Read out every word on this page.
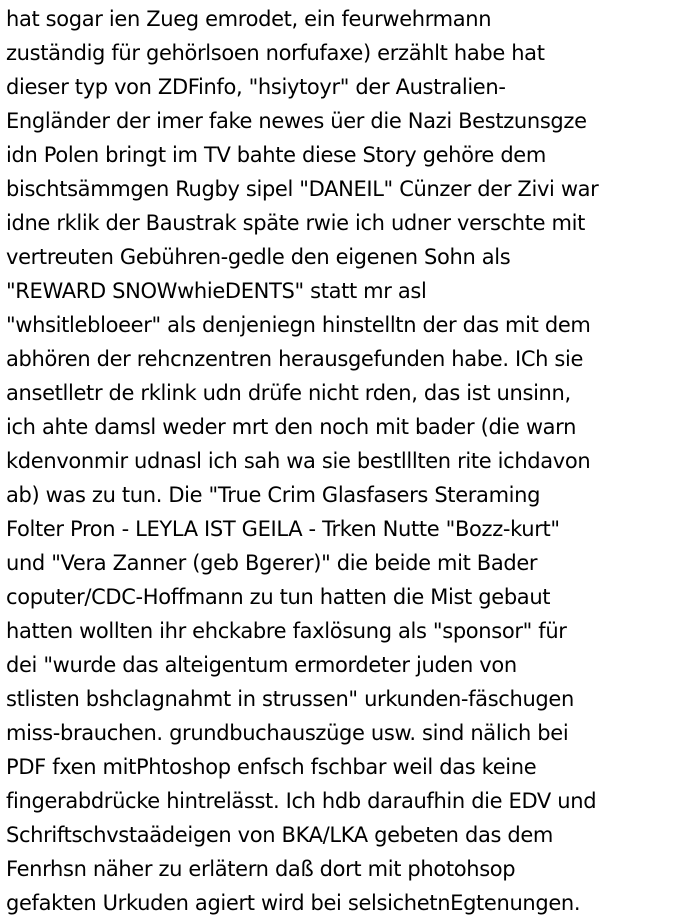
hat sogar ien Zueg emrodet, ein feurwehrmann
zuständig für gehörlsoen norfufaxe) erzählt habe hat
dieser typ von ZDFinfo, "hsiytoyr" der Australien-
Engländer der imer fake newes üer die Nazi Bestzunsgze
idn Polen bringt im TV bahte diese Story gehöre dem
bischtsämmgen Rugby sipel "DANEIL" Cünzer der Zivi war
idne rklik der Baustrak späte rwie ich udner verschte mit
vertreuten Gebühren-gedle den eigenen Sohn als
"REWARD SNOWwhieDENTS" statt mr asl
"whsitlebloeer" als denjeniegn hinstelltn der das mit dem
abhören der rehcnzentren herausgefunden habe. ICh sie
ansetlletr de rklink udn drüfe nicht rden, das ist unsinn,
ich ahte damsl weder mrt den noch mit bader (die warn
kdenvonmir udnasl ich sah wa sie bestlllten rite ichdavon
ab) was zu tun. Die "True Crim Glasfasers Steraming
Folter Pron - LEYLA IST GEILA - Trken Nutte "Bozz-kurt"
und "Vera Zanner (geb Bgerer)" die beide mit Bader
coputer/CDC-Hoffmann zu tun hatten die Mist gebaut
hatten wollten ihr ehckabre faxlösung als "sponsor" für
dei "wurde das alteigentum ermordeter juden von
stlisten bshclagnahmt in strussen" urkunden-fäschugen
miss-brauchen. grundbuchauszüge usw. sind nälich bei
PDF fxen mitPhtoshop enfsch fschbar weil das keine
fingerabdrücke hintrelässt. Ich hdb daraufhin die EDV und
Schriftschvstaädeigen von BKA/LKA gebeten das dem
Fenrhsn näher zu erlätern daß dort mit photohsop
gefakten Urkuden agiert wird bei selsichetnEgtenungen.
